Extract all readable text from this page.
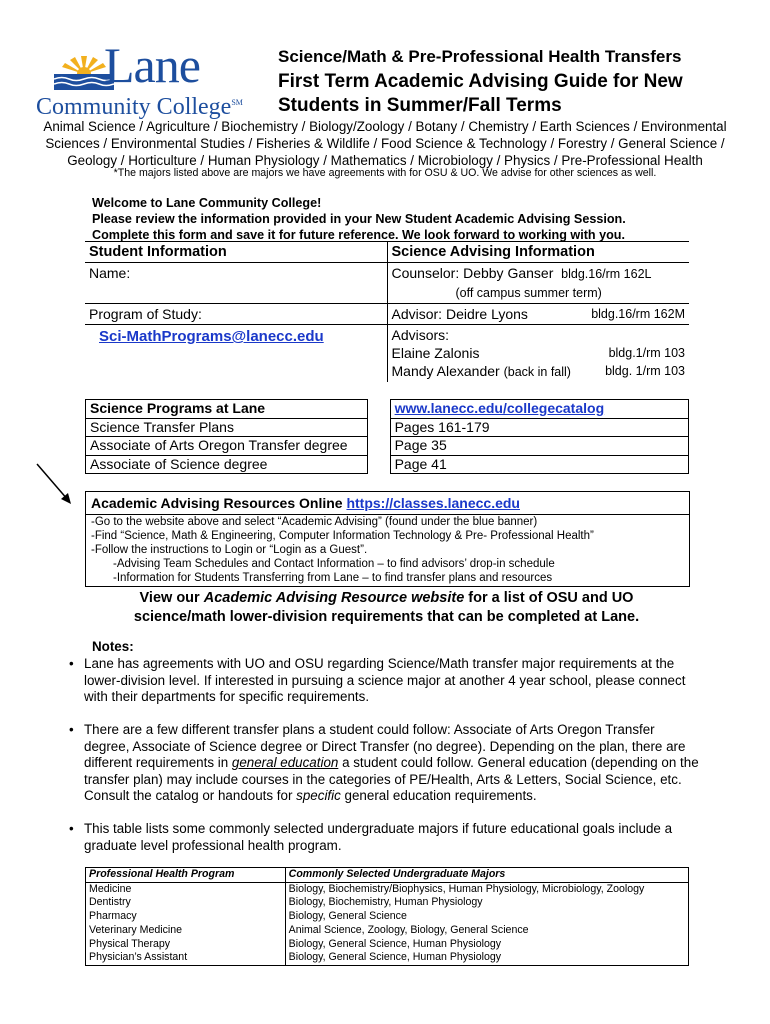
Lane
Community College℠
Science/Math & Pre-Professional Health Transfers
First Term Academic Advising Guide for New
Students in Summer/Fall Terms
Animal Science / Agriculture / Biochemistry / Biology/Zoology / Botany / Chemistry / Earth Sciences / Environmental
Sciences / Environmental Studies / Fisheries & Wildlife / Food Science & Technology / Forestry / General Science /
Geology / Horticulture / Human Physiology / Mathematics / Microbiology / Physics / Pre-Professional Health
*The majors listed above are majors we have agreements with for OSU & UO. We advise for other sciences as well.
Welcome to Lane Community College!
Please review the information provided in your New Student Academic Advising Session.
Complete this form and save it for future reference. We look forward to working with you.
Student Information	Science Advising Information
Name:	Counselor: Debby Ganser bldg.16/rm 162L
(off campus summer term)
Program of Study:	Advisor: Deidre Lyons bldg.16/rm 162M

Sci-MathPrograms@lanecc.edu	Advisors:
Elaine Zalonis bldg.1/rm 103

Mandy Alexander (back in fall) bldg. 1/rm 103
Science Programs at Lane		www.lanecc.edu/collegecatalog
Science Transfer Plans		Pages 161-179
Associate of Arts Oregon Transfer degree		Page 35
Associate of Science degree		Page 41
Academic Advising Resources Online https://classes.lanecc.edu
-Go to the website above and select “Academic Advising” (found under the blue banner)
-Find “Science, Math & Engineering, Computer Information Technology & Pre- Professional Health”
-Follow the instructions to Login or “Login as a Guest”.
-Advising Team Schedules and Contact Information – to find advisors’ drop-in schedule
-Information for Students Transferring from Lane – to find transfer plans and resources
View our Academic Advising Resource website for a list of OSU and UO
science/math lower-division requirements that can be completed at Lane.
Notes:
• Lane has agreements with UO and OSU regarding Science/Math transfer major requirements at the lower-division level. If interested in pursuing a science major at another 4 year school, please connect with their departments for specific requirements.
• There are a few different transfer plans a student could follow: Associate of Arts Oregon Transfer degree, Associate of Science degree or Direct Transfer (no degree). Depending on the plan, there are different requirements in general education a student could follow. General education (depending on the transfer plan) may include courses in the categories of PE/Health, Arts & Letters, Social Science, etc. Consult the catalog or handouts for specific general education requirements.
• This table lists some commonly selected undergraduate majors if future educational goals include a graduate level professional health program.
Professional Health Program	Commonly Selected Undergraduate Majors
Medicine	Biology, Biochemistry/Biophysics, Human Physiology, Microbiology, Zoology
Dentistry	Biology, Biochemistry, Human Physiology
Pharmacy	Biology, General Science
Veterinary Medicine	Animal Science, Zoology, Biology, General Science
Physical Therapy	Biology, General Science, Human Physiology
Physician’s Assistant	Biology, General Science, Human Physiology
